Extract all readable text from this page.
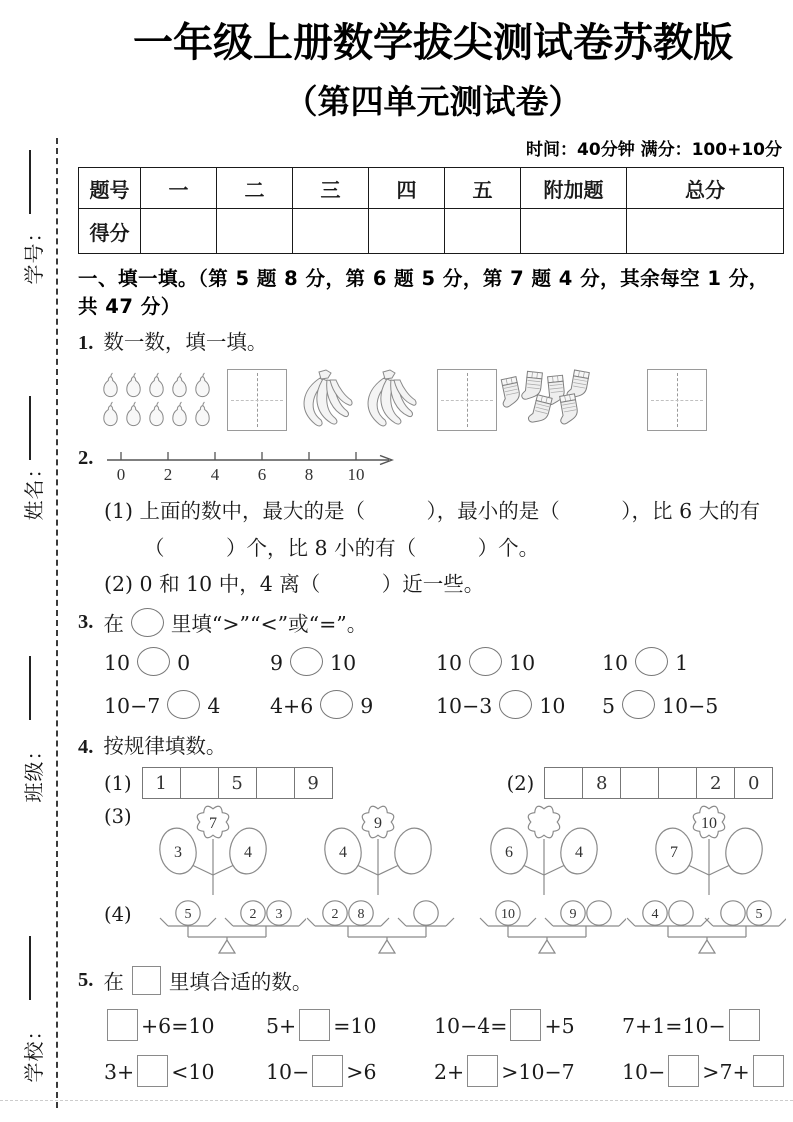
学号：
姓名：
班级：
学校：
一年级上册数学拔尖测试卷苏教版
（第四单元测试卷）
时间：40分钟 满分：100+10分
题号	一	二	三	四	五	附加题	总分
得分							
一、填一填。（第 5 题 8 分，第 6 题 5 分，第 7 题 4 分，其余每空 1 分，共 47 分）
1. 数一数，填一填。
2.
0 2 4 6 8 10
(1) 上面的数中，最大的是（　　　），最小的是（　　　），比 6 大的有
（　　　）个，比 8 小的有（　　　）个。
(2) 0 和 10 中，4 离（　　　）近一些。
3. 在 里填“>”“<”或“=”。
10 0	9 10	10 10	10 1
10−7 4	4+6 9	10−3 10	5 10−5
4. 按规律填数。
(1)	1	5	9	(2)	8	2	0
(3)	7
3	4
9
4	6	4
10
7
(4)	5	2 3	2 8	10	9	4	5
5. 在 里填合适的数。
+6=10	5+ =10	10−4= +5	7+1=10−
3+ <10	10− >6	2+ >10−7	10− >7+
